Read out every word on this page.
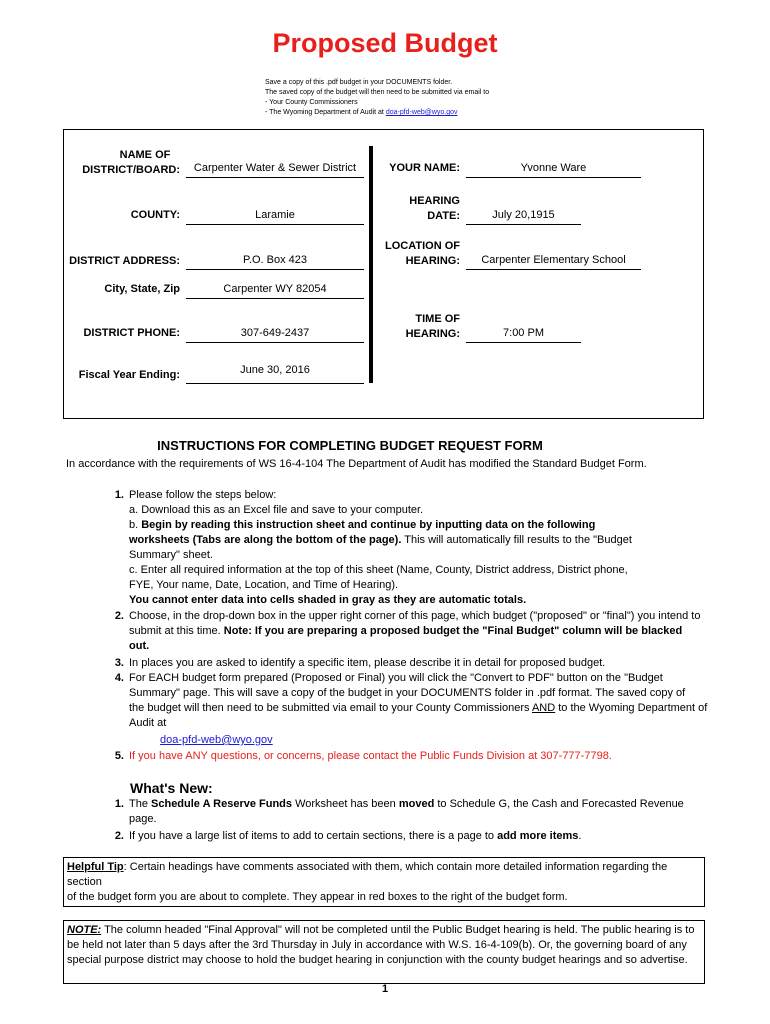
Proposed Budget
Save a copy of this .pdf budget in your DOCUMENTS folder.
The saved copy of the budget will then need to be submitted via email to
- Your County Commissioners
- The Wyoming Department of Audit at doa-pfd-web@wyo.gov
NAME OF
DISTRICT/BOARD:	Carpenter Water & Sewer District
COUNTY:	Laramie
DISTRICT ADDRESS:	P.O. Box 423
City, State, Zip	Carpenter WY 82054
DISTRICT PHONE:	307-649-2437
Fiscal Year Ending:	June 30, 2016
YOUR NAME:	Yvonne Ware
HEARING
DATE:	July 20,1915
LOCATION OF
HEARING:	Carpenter Elementary School
TIME OF
HEARING:	7:00 PM
INSTRUCTIONS FOR COMPLETING BUDGET REQUEST FORM
In accordance with the requirements of WS 16-4-104 The Department of Audit has modified the Standard Budget Form.
1. Please follow the steps below:
a. Download this as an Excel file and save to your computer.
b. Begin by reading this instruction sheet and continue by inputting data on the following
worksheets (Tabs are along the bottom of the page). This will automatically fill results to the "Budget
Summary" sheet.
c. Enter all required information at the top of this sheet (Name, County, District address, District phone,
FYE, Your name, Date, Location, and Time of Hearing).
You cannot enter data into cells shaded in gray as they are automatic totals.
2. Choose, in the drop-down box in the upper right corner of this page, which budget ("proposed" or "final") you intend to
submit at this time. Note: If you are preparing a proposed budget the "Final Budget" column will be blacked
out.
3. In places you are asked to identify a specific item, please describe it in detail for proposed budget.
4. For EACH budget form prepared (Proposed or Final) you will click the "Convert to PDF" button on the "Budget
Summary" page. This will save a copy of the budget in your DOCUMENTS folder in .pdf format. The saved copy of
the budget will then need to be submitted via email to your County Commissioners AND to the Wyoming Department of
Audit at
doa-pfd-web@wyo.gov
5. If you have ANY questions, or concerns, please contact the Public Funds Division at 307-777-7798.
What's New:
1. The Schedule A Reserve Funds Worksheet has been moved to Schedule G, the Cash and Forecasted Revenue
page.
2. If you have a large list of items to add to certain sections, there is a page to add more items.
Helpful Tip: Certain headings have comments associated with them, which contain more detailed information regarding the section
of the budget form you are about to complete. They appear in red boxes to the right of the budget form.
NOTE: The column headed "Final Approval" will not be completed until the Public Budget hearing is held. The public hearing is to
be held not later than 5 days after the 3rd Thursday in July in accordance with W.S. 16-4-109(b). Or, the governing board of any
special purpose district may choose to hold the budget hearing in conjunction with the county budget hearings and so advertise.
1
